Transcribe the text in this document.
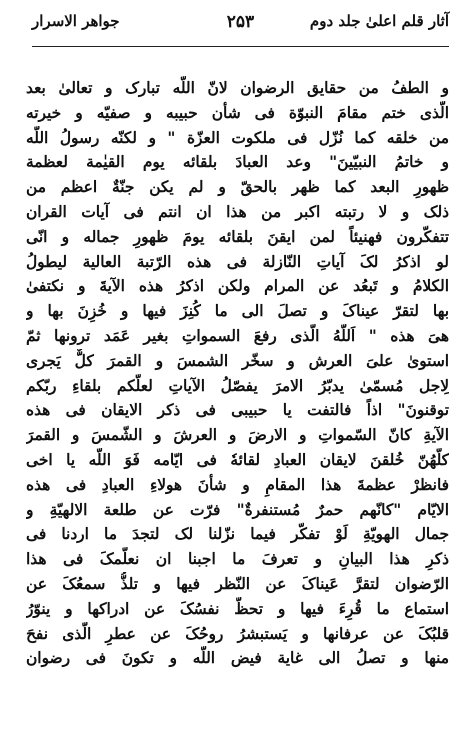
آثار قلم اعلیٰ جلد دوم
۲۵۳
جواهر الاسرار
و الطفُ من حقایق الرضوان لانّ اللّه تبارک و تعالیٰ بعد
الّذی ختم مقامَ النبوّة فی شأن حبیبه و صفیّه و خیرته
من خلقه کما نُزّل فی ملکوت العزّة " و لکنّه رسولُ اللّه
و خاتمُ النبیّینَ" وعد العبادَ بلقائه یوم القیٰمة لعظمة
ظهورِ البعد کما ظهر بالحقّ و لم یکن جنّةٌ اعظم من
ذلک و لا رتبته اکبر من هذا ان انتم فی آیات القران
تتفکّرون فهنیئاً لمن ایقنَ بلقائه یومَ ظهورِ جماله و انّی
لو اذکرُ لکَ آیاتِ النّازلة فی هذه الرّتبة العالیة لیطولُ
الکلامُ و تَبعُد عن المرام ولکن اذکرُ هذه الآیةَ و نکتفیٰ
بها لتقرّ عیناکَ و تصلَ الی ما کُنِزَ فیها و خُزِنَ بها و
هیَ هذه " اَللّهُ الّذی رفعَ السمواتِ بغیر عَمَد ترونها ثمّ
استویٰ علیَ العرش و سخّر الشمسَ و القمرَ کلٌّ یَجری
لِاجل مُسمّیٰ یدبّرُ الامرَ یفصّلُ الآیاتِ لعلّکم بلقاءِ ربّکم
توقنونَ" اذاً فالتفت یا حبیبی فی ذکر الایقان فی هذه
الآیةِ کانّ السّمواتِ و الارضَ و العرشَ و الشّمسَ و القمرَ
کلّهُنّ خُلقنَ لایقان العبادِ لقائهٗ فی ایّامه فَوَ اللّه یا اخی
فانظرْ عظمةَ هذا المقامِ و شأنَ هولاءِ العبادِ فی هذه
الایّام "کانّهم حمرٌ مُستنفرةٌ" فرّت عن طلعة الالهیّةِ و
جمال الهویّةِ لَوْ تفکّر فیما نزّلنا لک لتجدَ ما اردنا فی
ذکرِ هذا البیانِ و تعرفَ ما اجبنا ان نعلّمکَ فی هذا
الرّضوان لتقرَّ عَیناکَ عن النّظر فیها و تلذُّ سمعُکَ عن
استماع ما قُرِءَ فیها و تحظُّ نفسُکَ عن ادراکها و ینوّرُ
قلبُکَ عن عرفانها و یَستبشرُ روحُکَ عن عطرِ الّذی نفحَ
منها و تصلُ الی غایة فیض اللّه و تکونَ فی رضوان
